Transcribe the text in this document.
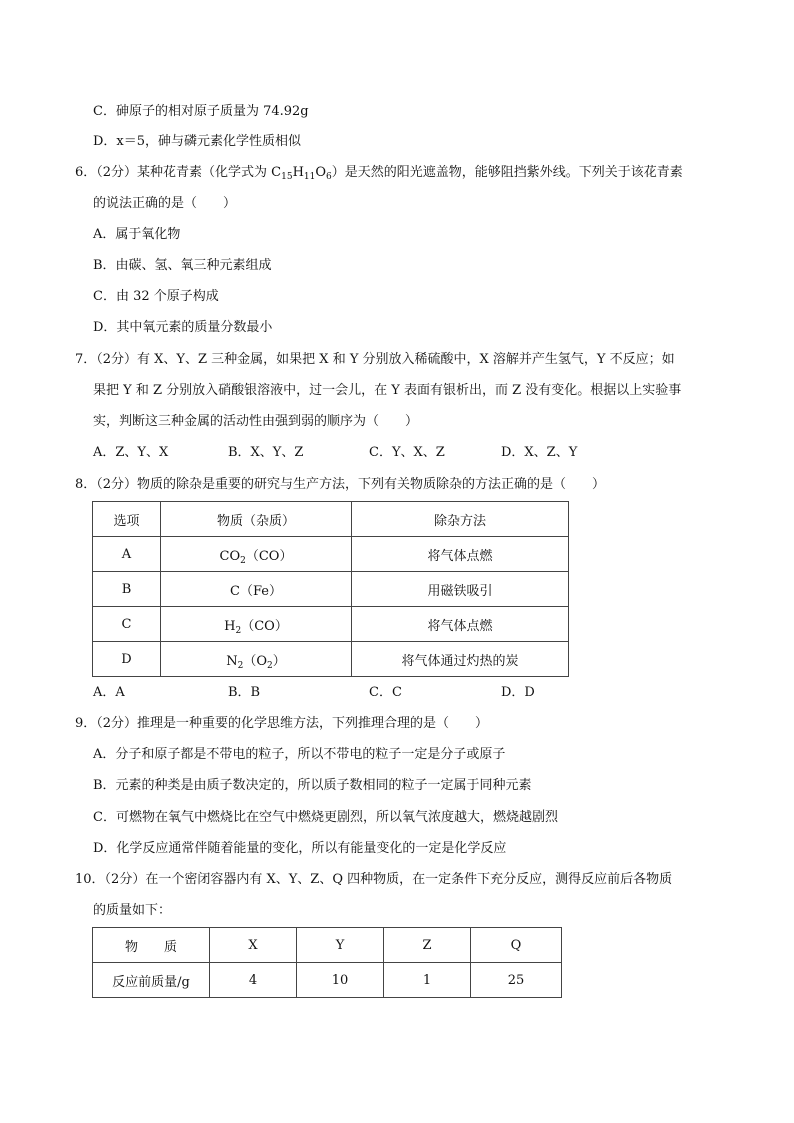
C．砷原子的相对原子质量为 74.92g
D．x＝5，砷与磷元素化学性质相似
6．（2分）某种花青素（化学式为 $C_{15}H_{11}O_6$）是天然的阳光遮盖物，能够阻挡紫外线。下列关于该花青素
的说法正确的是（　　）
A．属于氧化物
B．由碳、氢、氧三种元素组成
C．由 32 个原子构成
D．其中氧元素的质量分数最小
7．（2分）有 X、Y、Z 三种金属，如果把 X 和 Y 分别放入稀硫酸中，X 溶解并产生氢气，Y 不反应；如
果把 Y 和 Z 分别放入硝酸银溶液中，过一会儿，在 Y 表面有银析出，而 Z 没有变化。根据以上实验事
实，判断这三种金属的活动性由强到弱的顺序为（　　）
A．Z、Y、X	B．X、Y、Z	C．Y、X、Z	D．X、Z、Y
8．（2分）物质的除杂是重要的研究与生产方法，下列有关物质除杂的方法正确的是（　　）
选项	物质（杂质）	除杂方法
A	$CO_2(CO)$	将气体点燃
B	C（Fe）	用磁铁吸引
C	$H_2(CO)$	将气体点燃
D	$N_2(O_2)$	将气体通过灼热的炭
A．A	B．B	C．C	D．D
9．（2分）推理是一种重要的化学思维方法，下列推理合理的是（　　）
A．分子和原子都是不带电的粒子，所以不带电的粒子一定是分子或原子
B．元素的种类是由质子数决定的，所以质子数相同的粒子一定属于同种元素
C．可燃物在氧气中燃烧比在空气中燃烧更剧烈，所以氧气浓度越大，燃烧越剧烈
D．化学反应通常伴随着能量的变化，所以有能量变化的一定是化学反应
10．（2分）在一个密闭容器内有 X、Y、Z、Q 四种物质，在一定条件下充分反应，测得反应前后各物质
的质量如下：
物　　质	X	Y	Z	Q
反应前质量/g	4	10	1	25
